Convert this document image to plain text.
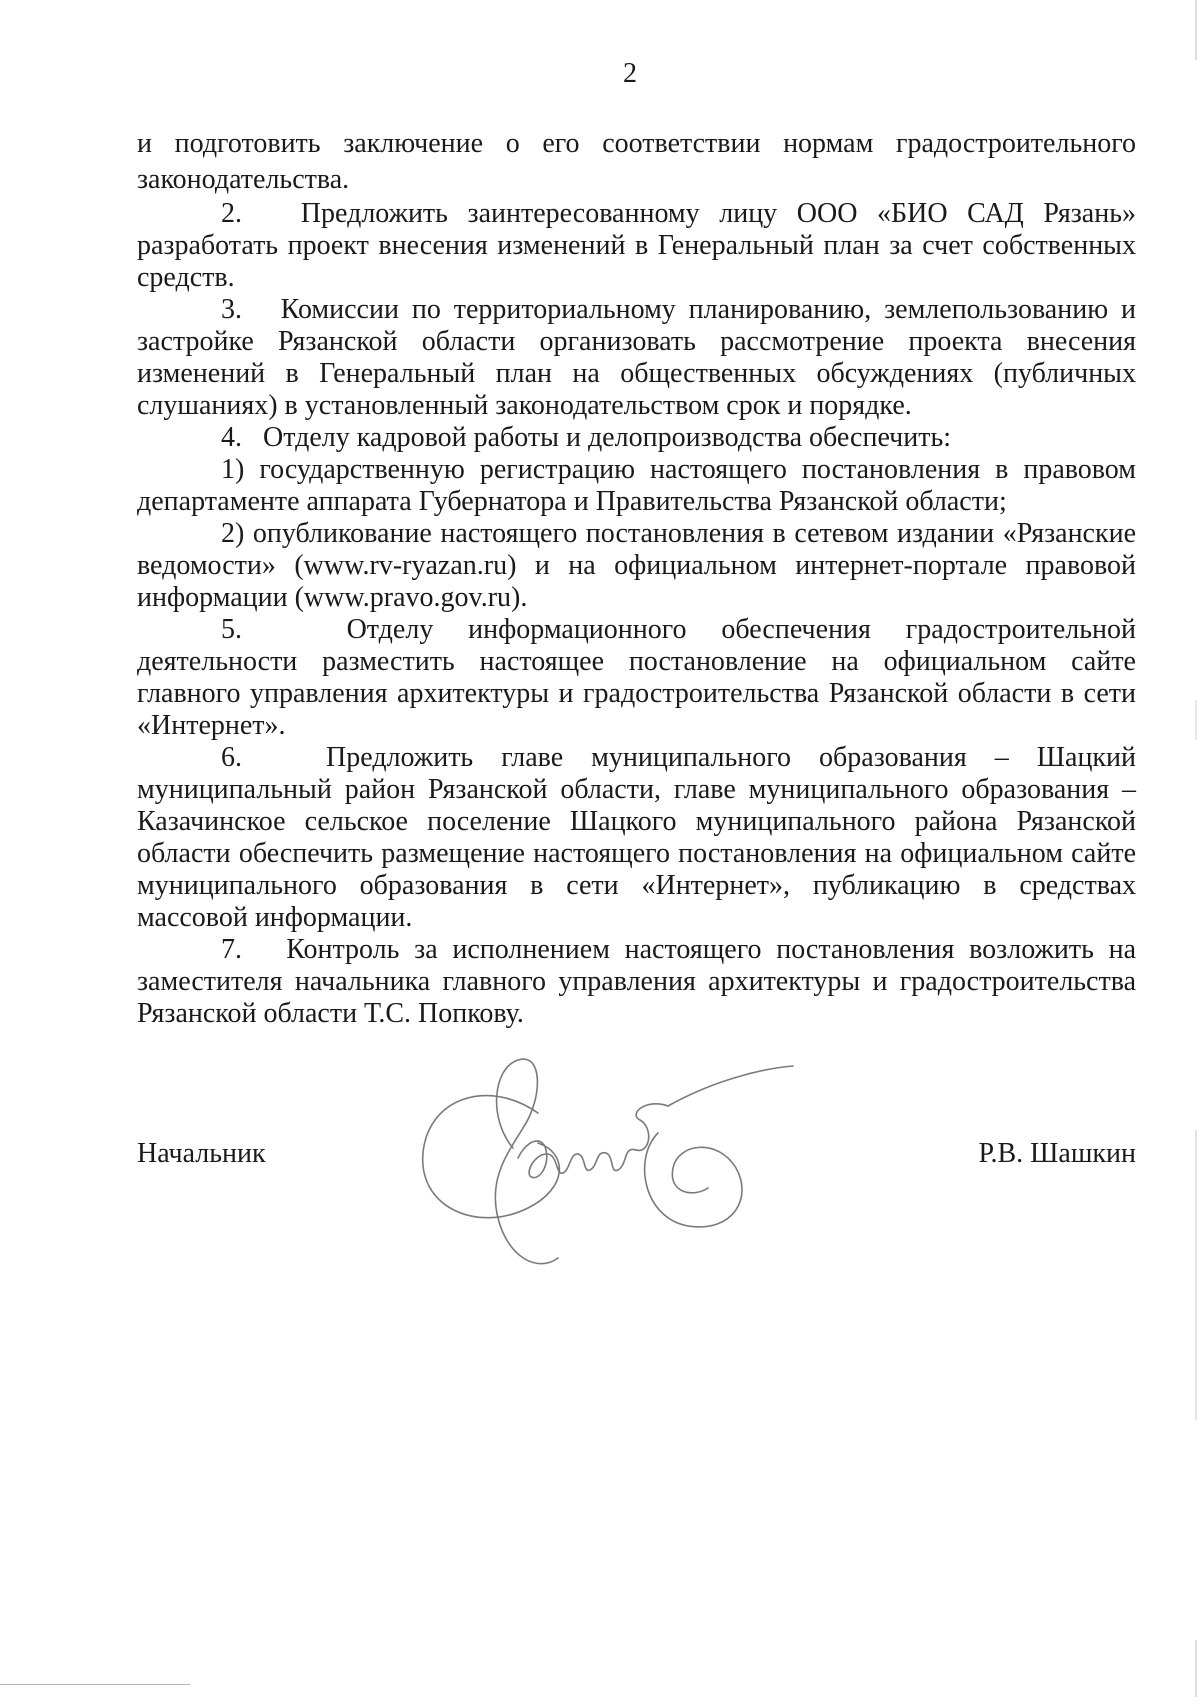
2

и подготовить заключение о его соответствии нормам градостроительного законодательства.

2.   Предложить заинтересованному лицу ООО «БИО САД Рязань» разработать проект внесения изменений в Генеральный план за счет собственных средств.

3.   Комиссии по территориальному планированию, землепользованию и застройке Рязанской области организовать рассмотрение проекта внесения изменений в Генеральный план на общественных обсуждениях (публичных слушаниях) в установленный законодательством срок и порядке.

4.   Отделу кадровой работы и делопроизводства обеспечить:

1) государственную регистрацию настоящего постановления в правовом департаменте аппарата Губернатора и Правительства Рязанской области;

2) опубликование настоящего постановления в сетевом издании «Рязанские ведомости» (www.rv-ryazan.ru) и на официальном интернет-портале правовой информации (www.pravo.gov.ru).

5.   Отделу информационного обеспечения градостроительной деятельности разместить настоящее постановление на официальном сайте главного управления архитектуры и градостроительства Рязанской области в сети «Интернет».

6.   Предложить главе муниципального образования – Шацкий муниципальный район Рязанской области, главе муниципального образования – Казачинское сельское поселение Шацкого муниципального района Рязанской области обеспечить размещение настоящего постановления на официальном сайте муниципального образования в сети «Интернет», публикацию в средствах массовой информации.

7.   Контроль за исполнением настоящего постановления возложить на заместителя начальника главного управления архитектуры и градостроительства Рязанской области Т.С. Попкову.

Начальник	Р.В. Шашкин
